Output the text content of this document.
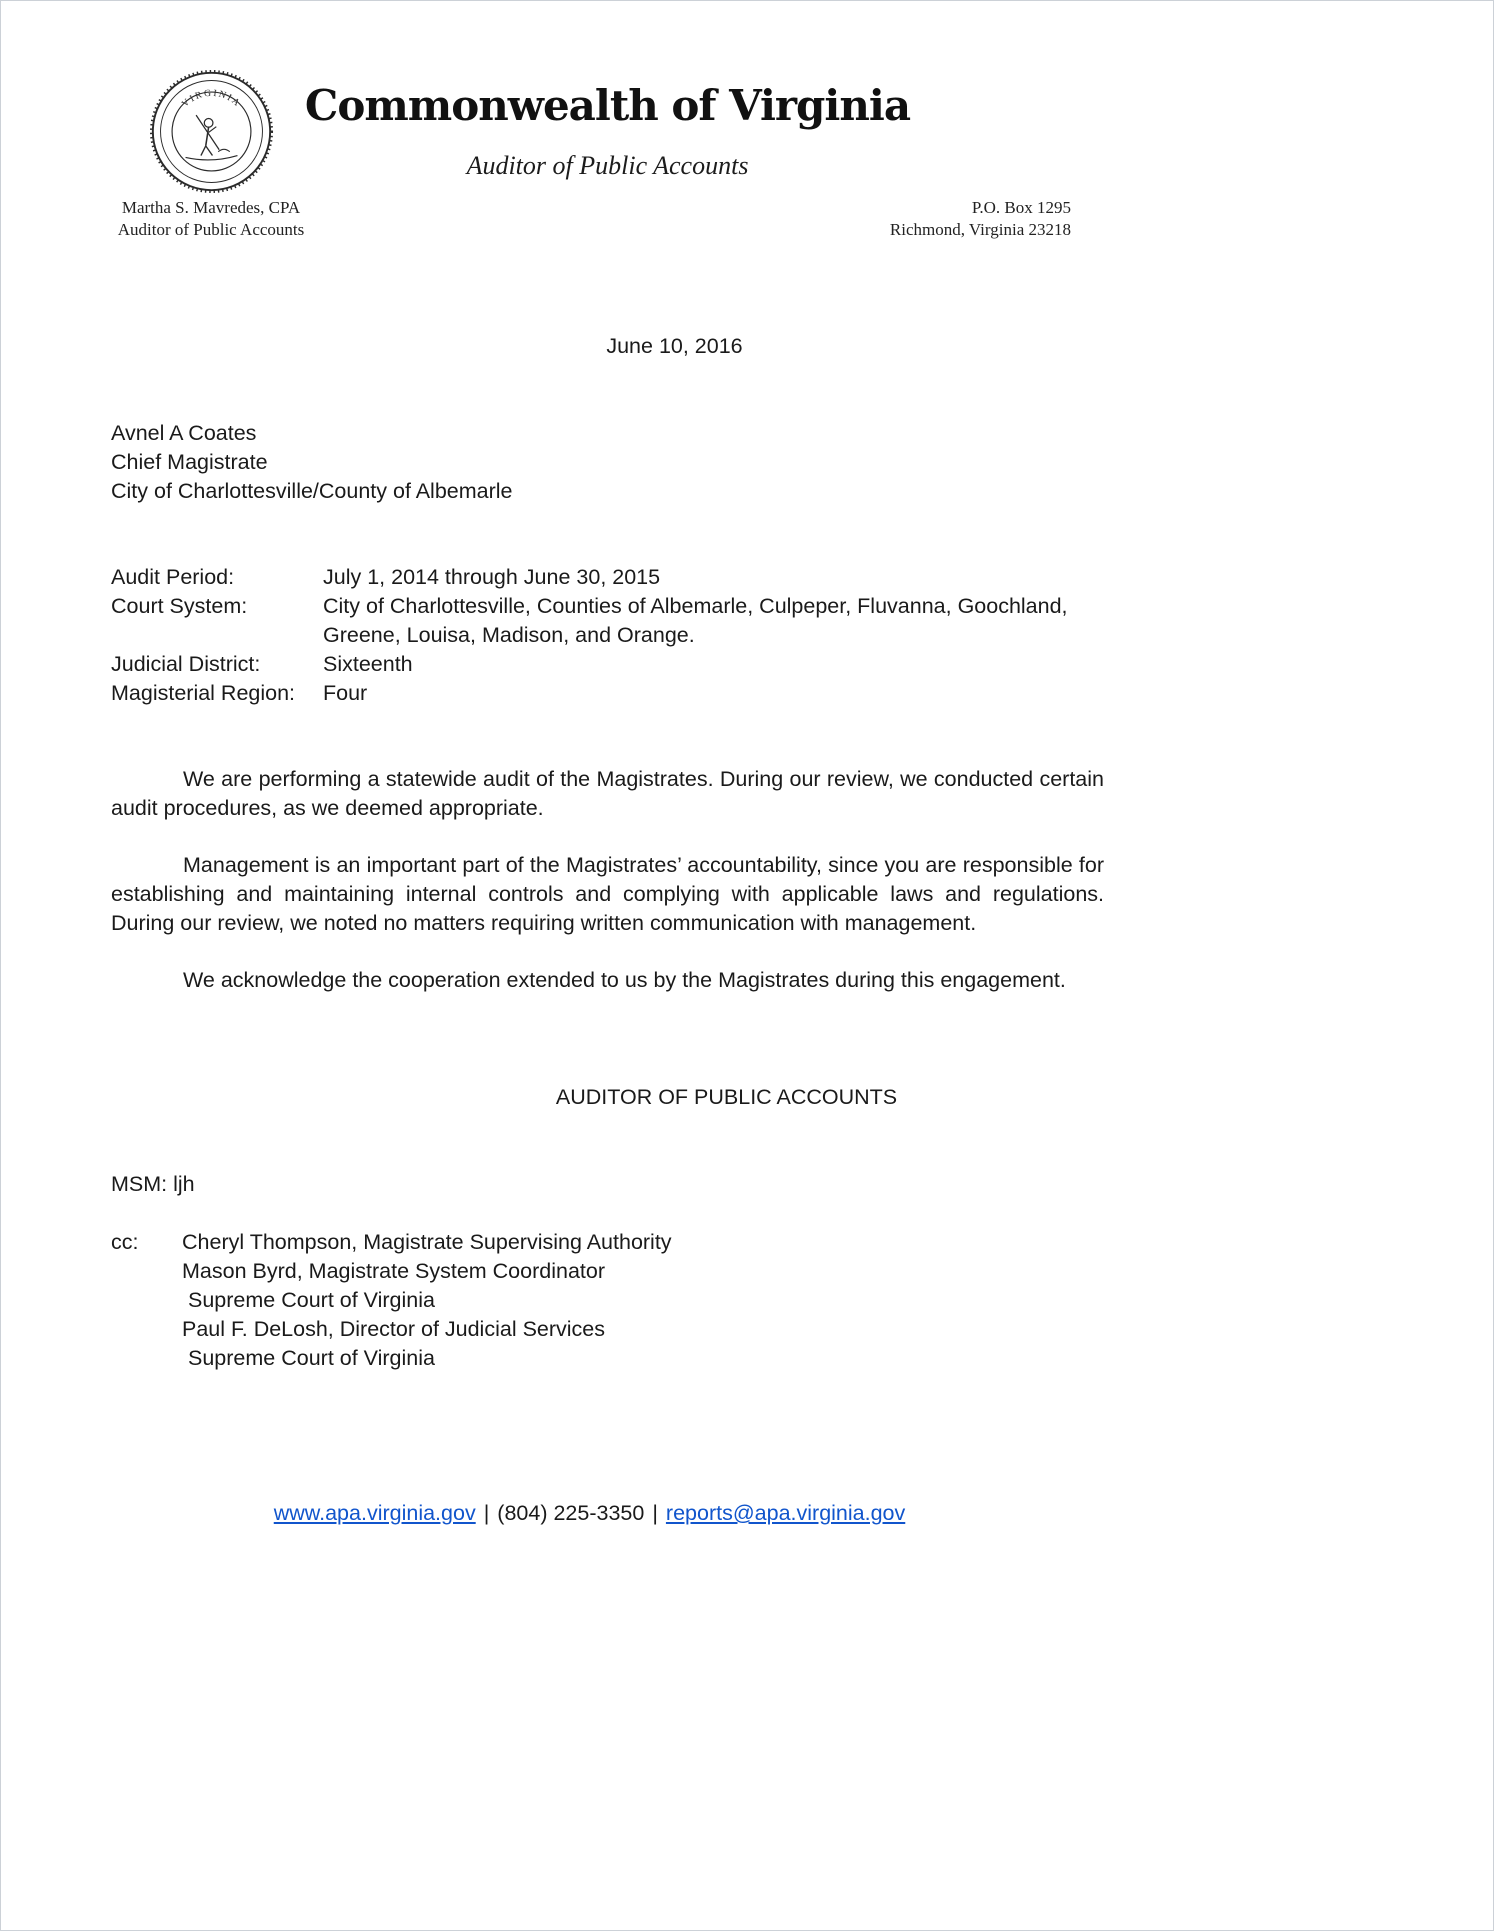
VIRGINIA	Commonwealth of Virginia
Auditor of Public Accounts
Martha S. Mavredes, CPA
Auditor of Public Accounts
P.O. Box 1295
Richmond, Virginia 23218
June 10, 2016
Avnel A Coates
Chief Magistrate
City of Charlottesville/County of Albemarle
Audit Period:	July 1, 2014 through June 30, 2015
Court System:	City of Charlottesville, Counties of Albemarle, Culpeper, Fluvanna, Goochland, Greene, Louisa, Madison, and Orange.
Judicial District:	Sixteenth
Magisterial Region:	Four

We are performing a statewide audit of the Magistrates. During our review, we conducted certain audit procedures, as we deemed appropriate.

Management is an important part of the Magistrates’ accountability, since you are responsible for establishing and maintaining internal controls and complying with applicable laws and regulations. During our review, we noted no matters requiring written communication with management.

We acknowledge the cooperation extended to us by the Magistrates during this engagement.

AUDITOR OF PUBLIC ACCOUNTS
MSM: ljh
cc:	Cheryl Thompson, Magistrate Supervising Authority
Mason Byrd, Magistrate System Coordinator
Supreme Court of Virginia
Paul F. DeLosh, Director of Judicial Services
Supreme Court of Virginia
www.apa.virginia.gov | (804) 225-3350 | reports@apa.virginia.gov
